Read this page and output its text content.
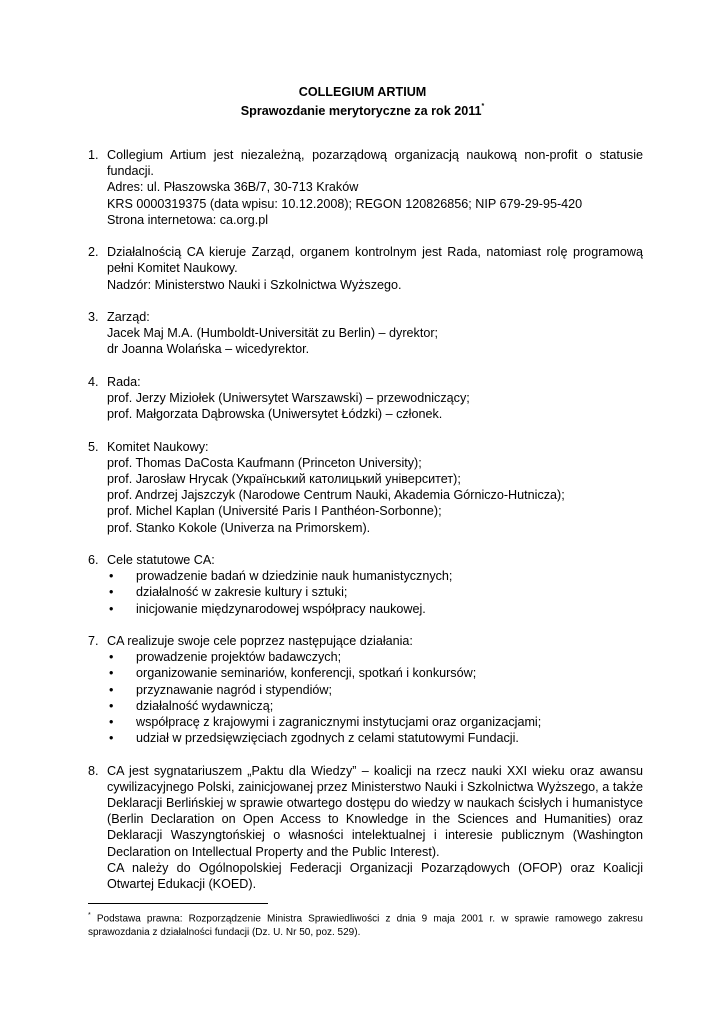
COLLEGIUM ARTIUM
Sprawozdanie merytoryczne za rok 2011*
1. Collegium Artium jest niezależną, pozarządową organizacją naukową non-profit o statusie fundacji.
Adres: ul. Płaszowska 36B/7, 30-713 Kraków
KRS 0000319375 (data wpisu: 10.12.2008); REGON 120826856; NIP 679-29-95-420
Strona internetowa: ca.org.pl
2. Działalnością CA kieruje Zarząd, organem kontrolnym jest Rada, natomiast rolę programową pełni Komitet Naukowy.
Nadzór: Ministerstwo Nauki i Szkolnictwa Wyższego.
3. Zarząd:
Jacek Maj M.A. (Humboldt-Universität zu Berlin) – dyrektor;
dr Joanna Wolańska – wicedyrektor.
4. Rada:
prof. Jerzy Miziołek (Uniwersytet Warszawski) – przewodniczący;
prof. Małgorzata Dąbrowska (Uniwersytet Łódzki) – członek.
5. Komitet Naukowy:
prof. Thomas DaCosta Kaufmann (Princeton University);
prof. Jarosław Hrycak (Український католицький університет);
prof. Andrzej Jajszczyk (Narodowe Centrum Nauki, Akademia Górniczo-Hutnicza);
prof. Michel Kaplan (Université Paris I Panthéon-Sorbonne);
prof. Stanko Kokole (Univerza na Primorskem).
6. Cele statutowe CA:
• prowadzenie badań w dziedzinie nauk humanistycznych;
• działalność w zakresie kultury i sztuki;
• inicjowanie międzynarodowej współpracy naukowej.
7. CA realizuje swoje cele poprzez następujące działania:
• prowadzenie projektów badawczych;
• organizowanie seminariów, konferencji, spotkań i konkursów;
• przyznawanie nagród i stypendiów;
• działalność wydawniczą;
• współpracę z krajowymi i zagranicznymi instytucjami oraz organizacjami;
• udział w przedsięwzięciach zgodnych z celami statutowymi Fundacji.
8. CA jest sygnatariuszem „Paktu dla Wiedzy” – koalicji na rzecz nauki XXI wieku oraz awansu cywilizacyjnego Polski, zainicjowanej przez Ministerstwo Nauki i Szkolnictwa Wyższego, a także Deklaracji Berlińskiej w sprawie otwartego dostępu do wiedzy w naukach ścisłych i humanistyce (Berlin Declaration on Open Access to Knowledge in the Sciences and Humanities) oraz Deklaracji Waszyngtońskiej o własności intelektualnej i interesie publicznym (Washington Declaration on Intellectual Property and the Public Interest).
CA należy do Ogólnopolskiej Federacji Organizacji Pozarządowych (OFOP) oraz Koalicji Otwartej Edukacji (KOED).
* Podstawa prawna: Rozporządzenie Ministra Sprawiedliwości z dnia 9 maja 2001 r. w sprawie ramowego zakresu sprawozdania z działalności fundacji (Dz. U. Nr 50, poz. 529).
